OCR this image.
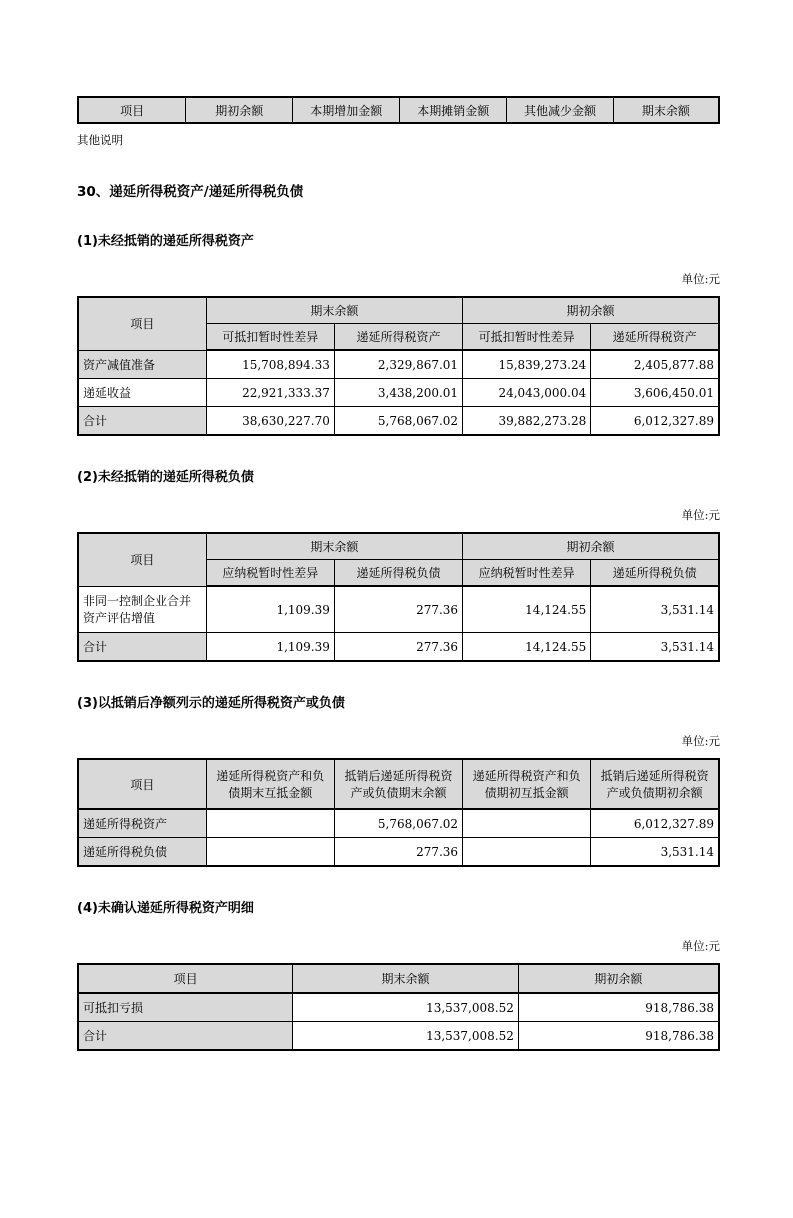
项目	期初余额	本期增加金额	本期摊销金额	其他减少金额	期末余额
其他说明
30、递延所得税资产/递延所得税负债
(1)未经抵销的递延所得税资产
单位:元
项目	期末余额		期初余额	
	可抵扣暂时性差异	递延所得税资产	可抵扣暂时性差异	递延所得税资产
资产减值准备	15,708,894.33	2,329,867.01	15,839,273.24	2,405,877.88
递延收益	22,921,333.37	3,438,200.01	24,043,000.04	3,606,450.01
合计	38,630,227.70	5,768,067.02	39,882,273.28	6,012,327.89
(2)未经抵销的递延所得税负债
单位:元
项目	期末余额		期初余额	
	应纳税暂时性差异	递延所得税负债	应纳税暂时性差异	递延所得税负债
非同一控制企业合并资产评估增值	1,109.39	277.36	14,124.55	3,531.14
合计	1,109.39	277.36	14,124.55	3,531.14
(3)以抵销后净额列示的递延所得税资产或负债
单位:元
项目	递延所得税资产和负债期末互抵金额	抵销后递延所得税资产或负债期末余额	递延所得税资产和负债期初互抵金额	抵销后递延所得税资产或负债期初余额
递延所得税资产		5,768,067.02		6,012,327.89
递延所得税负债		277.36		3,531.14
(4)未确认递延所得税资产明细
单位:元
项目	期末余额	期初余额
可抵扣亏损	13,537,008.52	918,786.38
合计	13,537,008.52	918,786.38
